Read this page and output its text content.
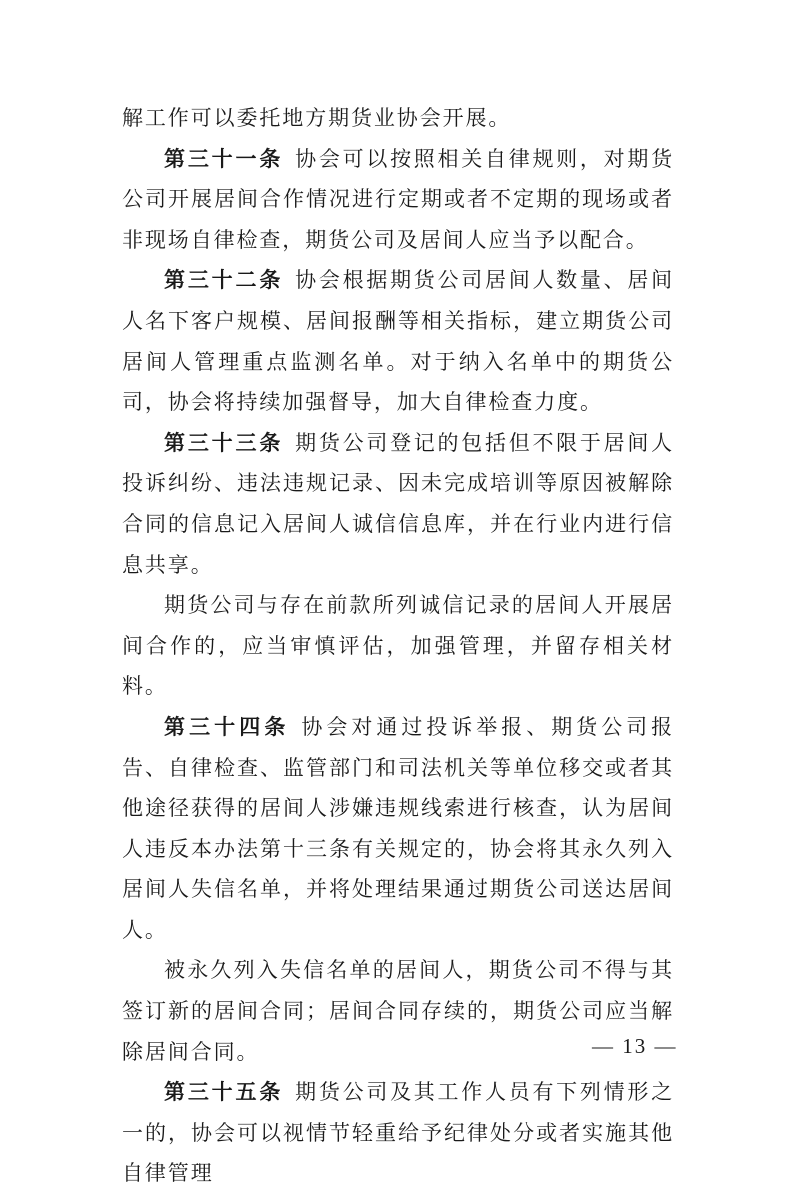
解工作可以委托地方期货业协会开展。

第三十一条 协会可以按照相关自律规则，对期货公司开展居间合作情况进行定期或者不定期的现场或者非现场自律检查，期货公司及居间人应当予以配合。

第三十二条 协会根据期货公司居间人数量、居间人名下客户规模、居间报酬等相关指标，建立期货公司居间人管理重点监测名单。对于纳入名单中的期货公司，协会将持续加强督导，加大自律检查力度。

第三十三条 期货公司登记的包括但不限于居间人投诉纠纷、违法违规记录、因未完成培训等原因被解除合同的信息记入居间人诚信信息库，并在行业内进行信息共享。

期货公司与存在前款所列诚信记录的居间人开展居间合作的，应当审慎评估，加强管理，并留存相关材料。

第三十四条 协会对通过投诉举报、期货公司报告、自律检查、监管部门和司法机关等单位移交或者其他途径获得的居间人涉嫌违规线索进行核查，认为居间人违反本办法第十三条有关规定的，协会将其永久列入居间人失信名单，并将处理结果通过期货公司送达居间人。

被永久列入失信名单的居间人，期货公司不得与其签订新的居间合同；居间合同存续的，期货公司应当解除居间合同。

第三十五条 期货公司及其工作人员有下列情形之一的，协会可以视情节轻重给予纪律处分或者实施其他自律管理

— 13 —
